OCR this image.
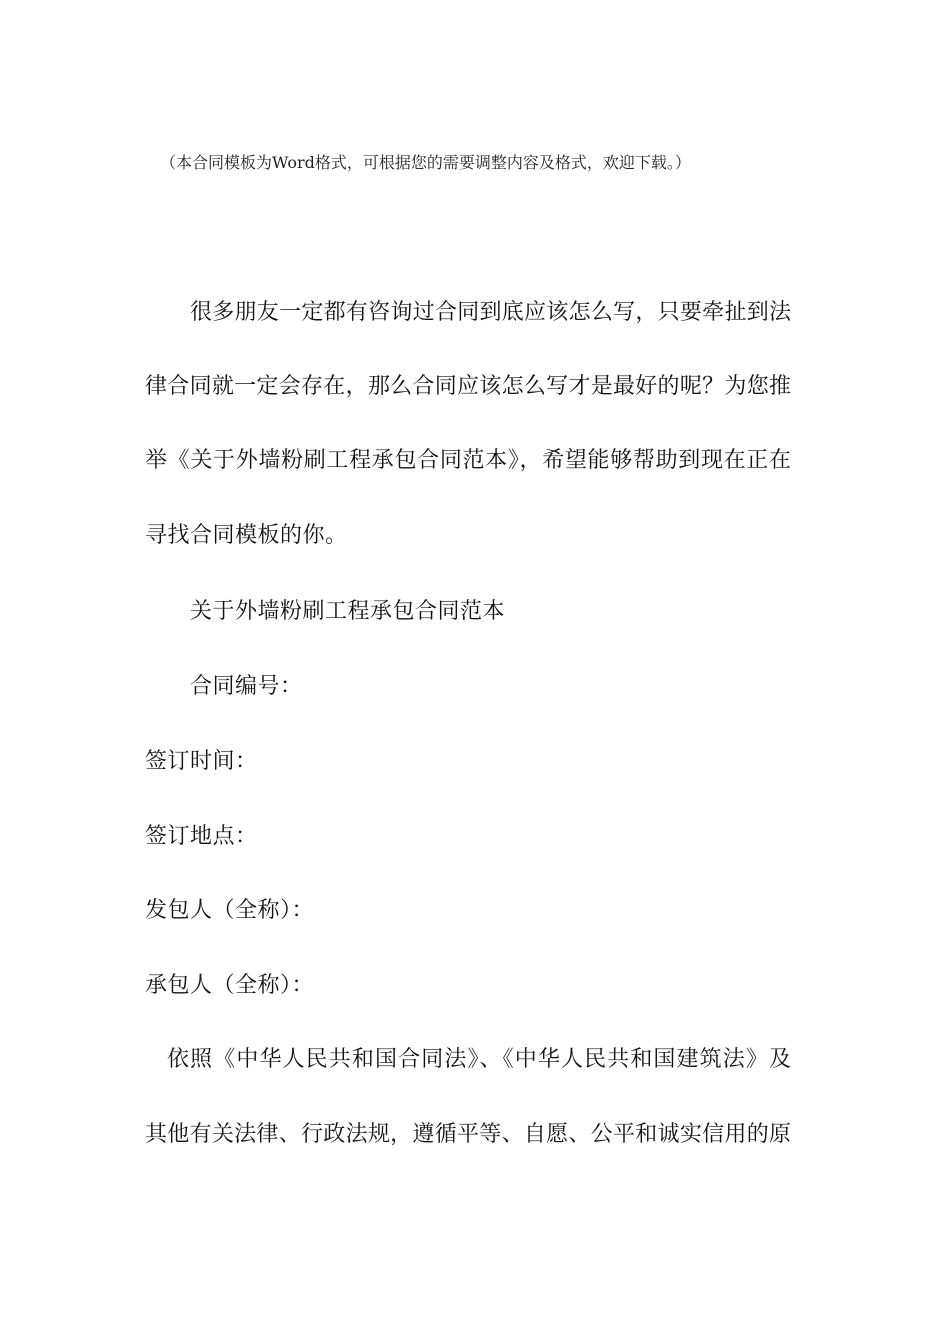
（本合同模板为Word格式，可根据您的需要调整内容及格式，欢迎下载。）
很多朋友一定都有咨询过合同到底应该怎么写，只要牵扯到法
律合同就一定会存在，那么合同应该怎么写才是最好的呢？为您推
举《关于外墙粉刷工程承包合同范本》，希望能够帮助到现在正在
寻找合同模板的你。
关于外墙粉刷工程承包合同范本
合同编号：
签订时间：
签订地点：
发包人（全称）：
承包人（全称）：
依照《中华人民共和国合同法》、《中华人民共和国建筑法》及
其他有关法律、行政法规，遵循平等、自愿、公平和诚实信用的原
